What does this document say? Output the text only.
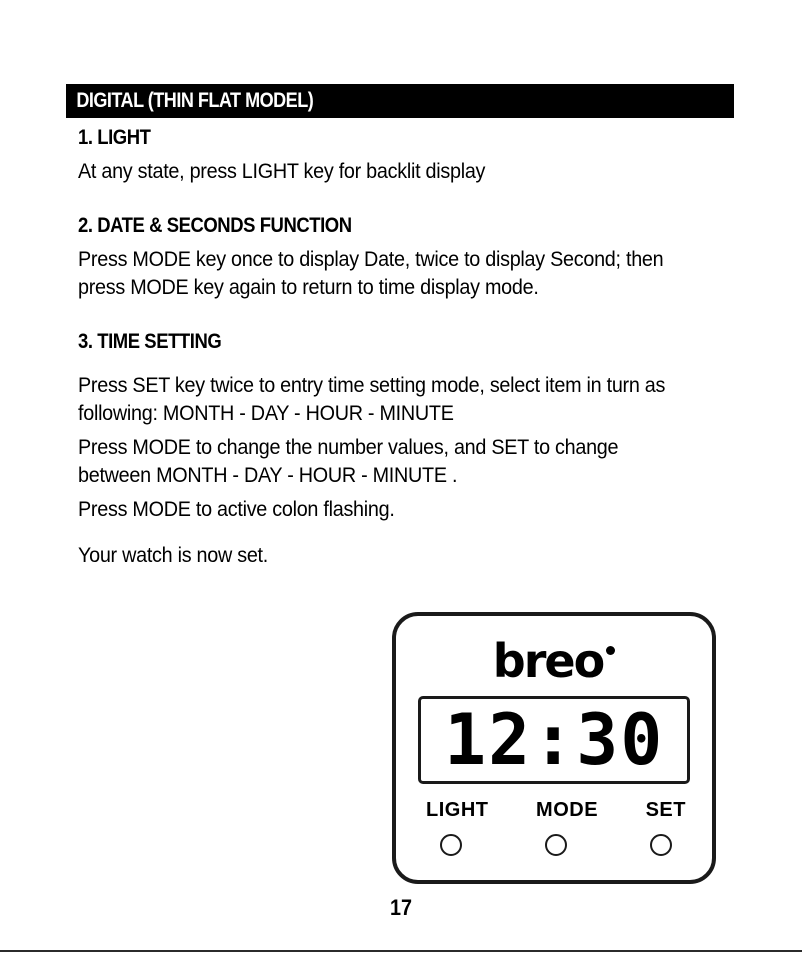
DIGITAL (THIN FLAT MODEL)
1. LIGHT

At any state, press LIGHT key for backlit display

2. DATE & SECONDS FUNCTION

Press MODE key once to display Date, twice to display Second; then press MODE key again to return to time display mode.

3. TIME SETTING

Press SET key twice to entry time setting mode, select item in turn as following: MONTH - DAY - HOUR - MINUTE

Press MODE to change the number values, and SET to change between MONTH - DAY - HOUR - MINUTE .

Press MODE to active colon flashing.

Your watch is now set.

breo
12:30
LIGHT MODE SET
17
